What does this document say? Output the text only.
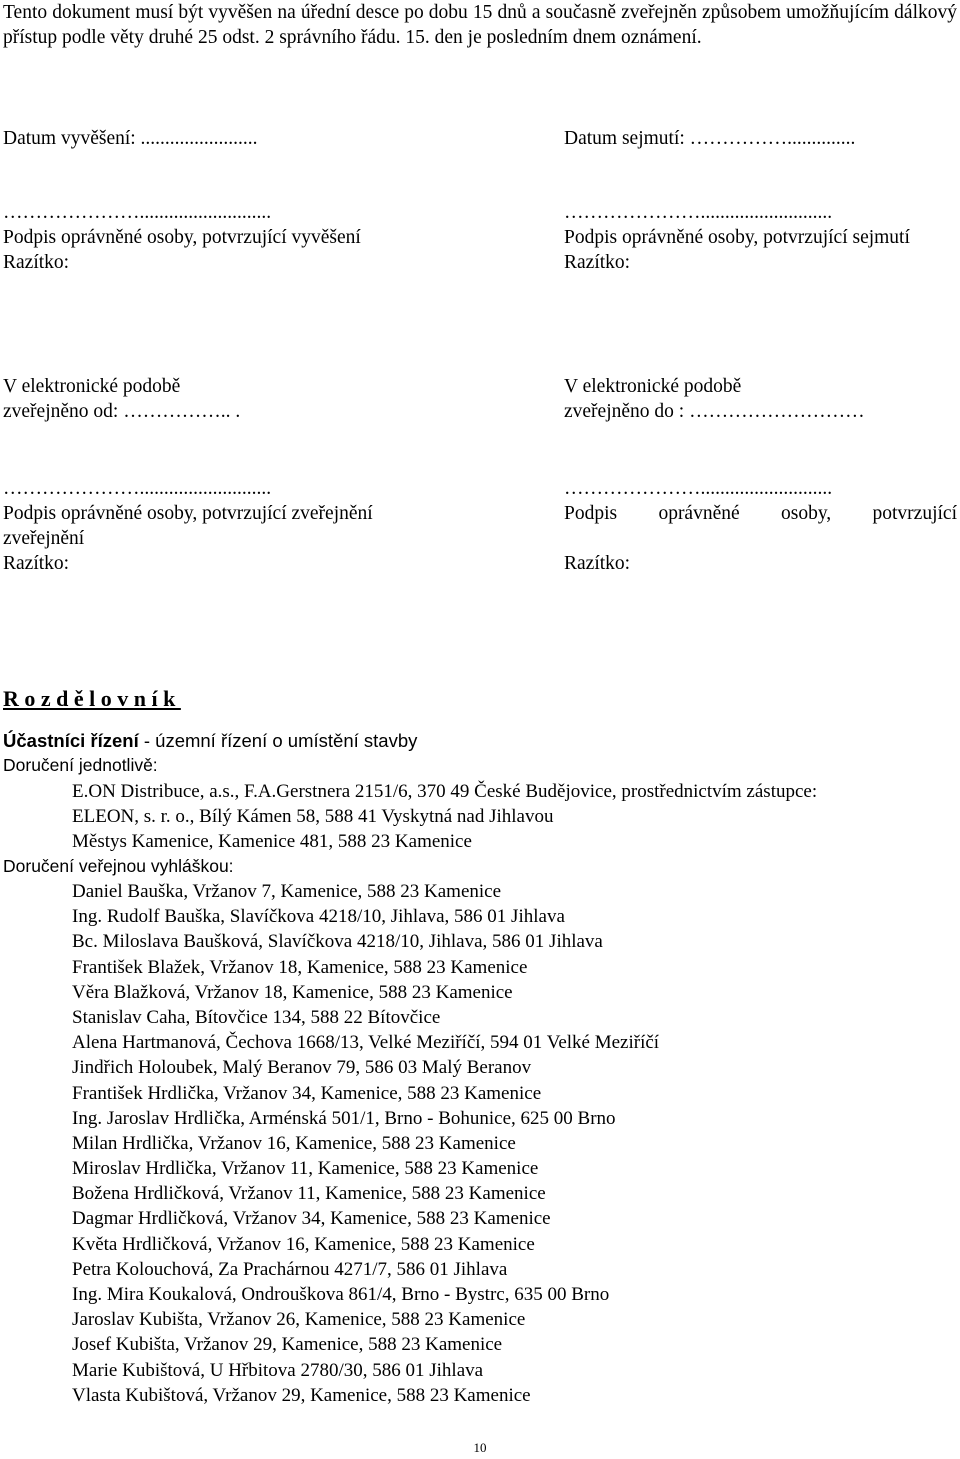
Tento dokument musí být vyvěšen na úřední desce po dobu 15 dnů a současně zveřejněn způsobem umožňujícím dálkový přístup podle věty druhé 25 odst. 2 správního řádu. 15. den je posledním dnem oznámení.
Datum vyvěšení: ........................	Datum sejmutí: ……………..............
…………………...........................
Podpis oprávněné osoby, potvrzující vyvěšení
Razítko:
…………………...........................
Podpis oprávněné osoby, potvrzující sejmutí
Razítko:
V elektronické podobě
zveřejněno od: …………….. .
V elektronické podobě
zveřejněno do : ………………………
…………………...........................
Podpis oprávněné osoby, potvrzující zveřejnění
zveřejnění
Razítko:
…………………...........................
Podpis oprávněné osoby, potvrzující
Razítko:
Rozdělovník
Účastníci řízení - územní řízení o umístění stavby
Doručení jednotlivě:
E.ON Distribuce, a.s., F.A.Gerstnera 2151/6, 370 49 České Budějovice, prostřednictvím zástupce:
ELEON, s. r. o., Bílý Kámen 58, 588 41 Vyskytná nad Jihlavou
Městys Kamenice, Kamenice 481, 588 23 Kamenice
Doručení veřejnou vyhláškou:
Daniel Bauška, Vržanov 7, Kamenice, 588 23 Kamenice
Ing. Rudolf Bauška, Slavíčkova 4218/10, Jihlava, 586 01 Jihlava
Bc. Miloslava Baušková, Slavíčkova 4218/10, Jihlava, 586 01 Jihlava
František Blažek, Vržanov 18, Kamenice, 588 23 Kamenice
Věra Blažková, Vržanov 18, Kamenice, 588 23 Kamenice
Stanislav Caha, Bítovčice 134, 588 22 Bítovčice
Alena Hartmanová, Čechova 1668/13, Velké Meziříčí, 594 01 Velké Meziříčí
Jindřich Holoubek, Malý Beranov 79, 586 03 Malý Beranov
František Hrdlička, Vržanov 34, Kamenice, 588 23 Kamenice
Ing. Jaroslav Hrdlička, Arménská 501/1, Brno - Bohunice, 625 00 Brno
Milan Hrdlička, Vržanov 16, Kamenice, 588 23 Kamenice
Miroslav Hrdlička, Vržanov 11, Kamenice, 588 23 Kamenice
Božena Hrdličková, Vržanov 11, Kamenice, 588 23 Kamenice
Dagmar Hrdličková, Vržanov 34, Kamenice, 588 23 Kamenice
Květa Hrdličková, Vržanov 16, Kamenice, 588 23 Kamenice
Petra Kolouchová, Za Prachárnou 4271/7, 586 01 Jihlava
Ing. Mira Koukalová, Ondrouškova 861/4, Brno - Bystrc, 635 00 Brno
Jaroslav Kubišta, Vržanov 26, Kamenice, 588 23 Kamenice
Josef Kubišta, Vržanov 29, Kamenice, 588 23 Kamenice
Marie Kubištová, U Hřbitova 2780/30, 586 01 Jihlava
Vlasta Kubištová, Vržanov 29, Kamenice, 588 23 Kamenice
10
